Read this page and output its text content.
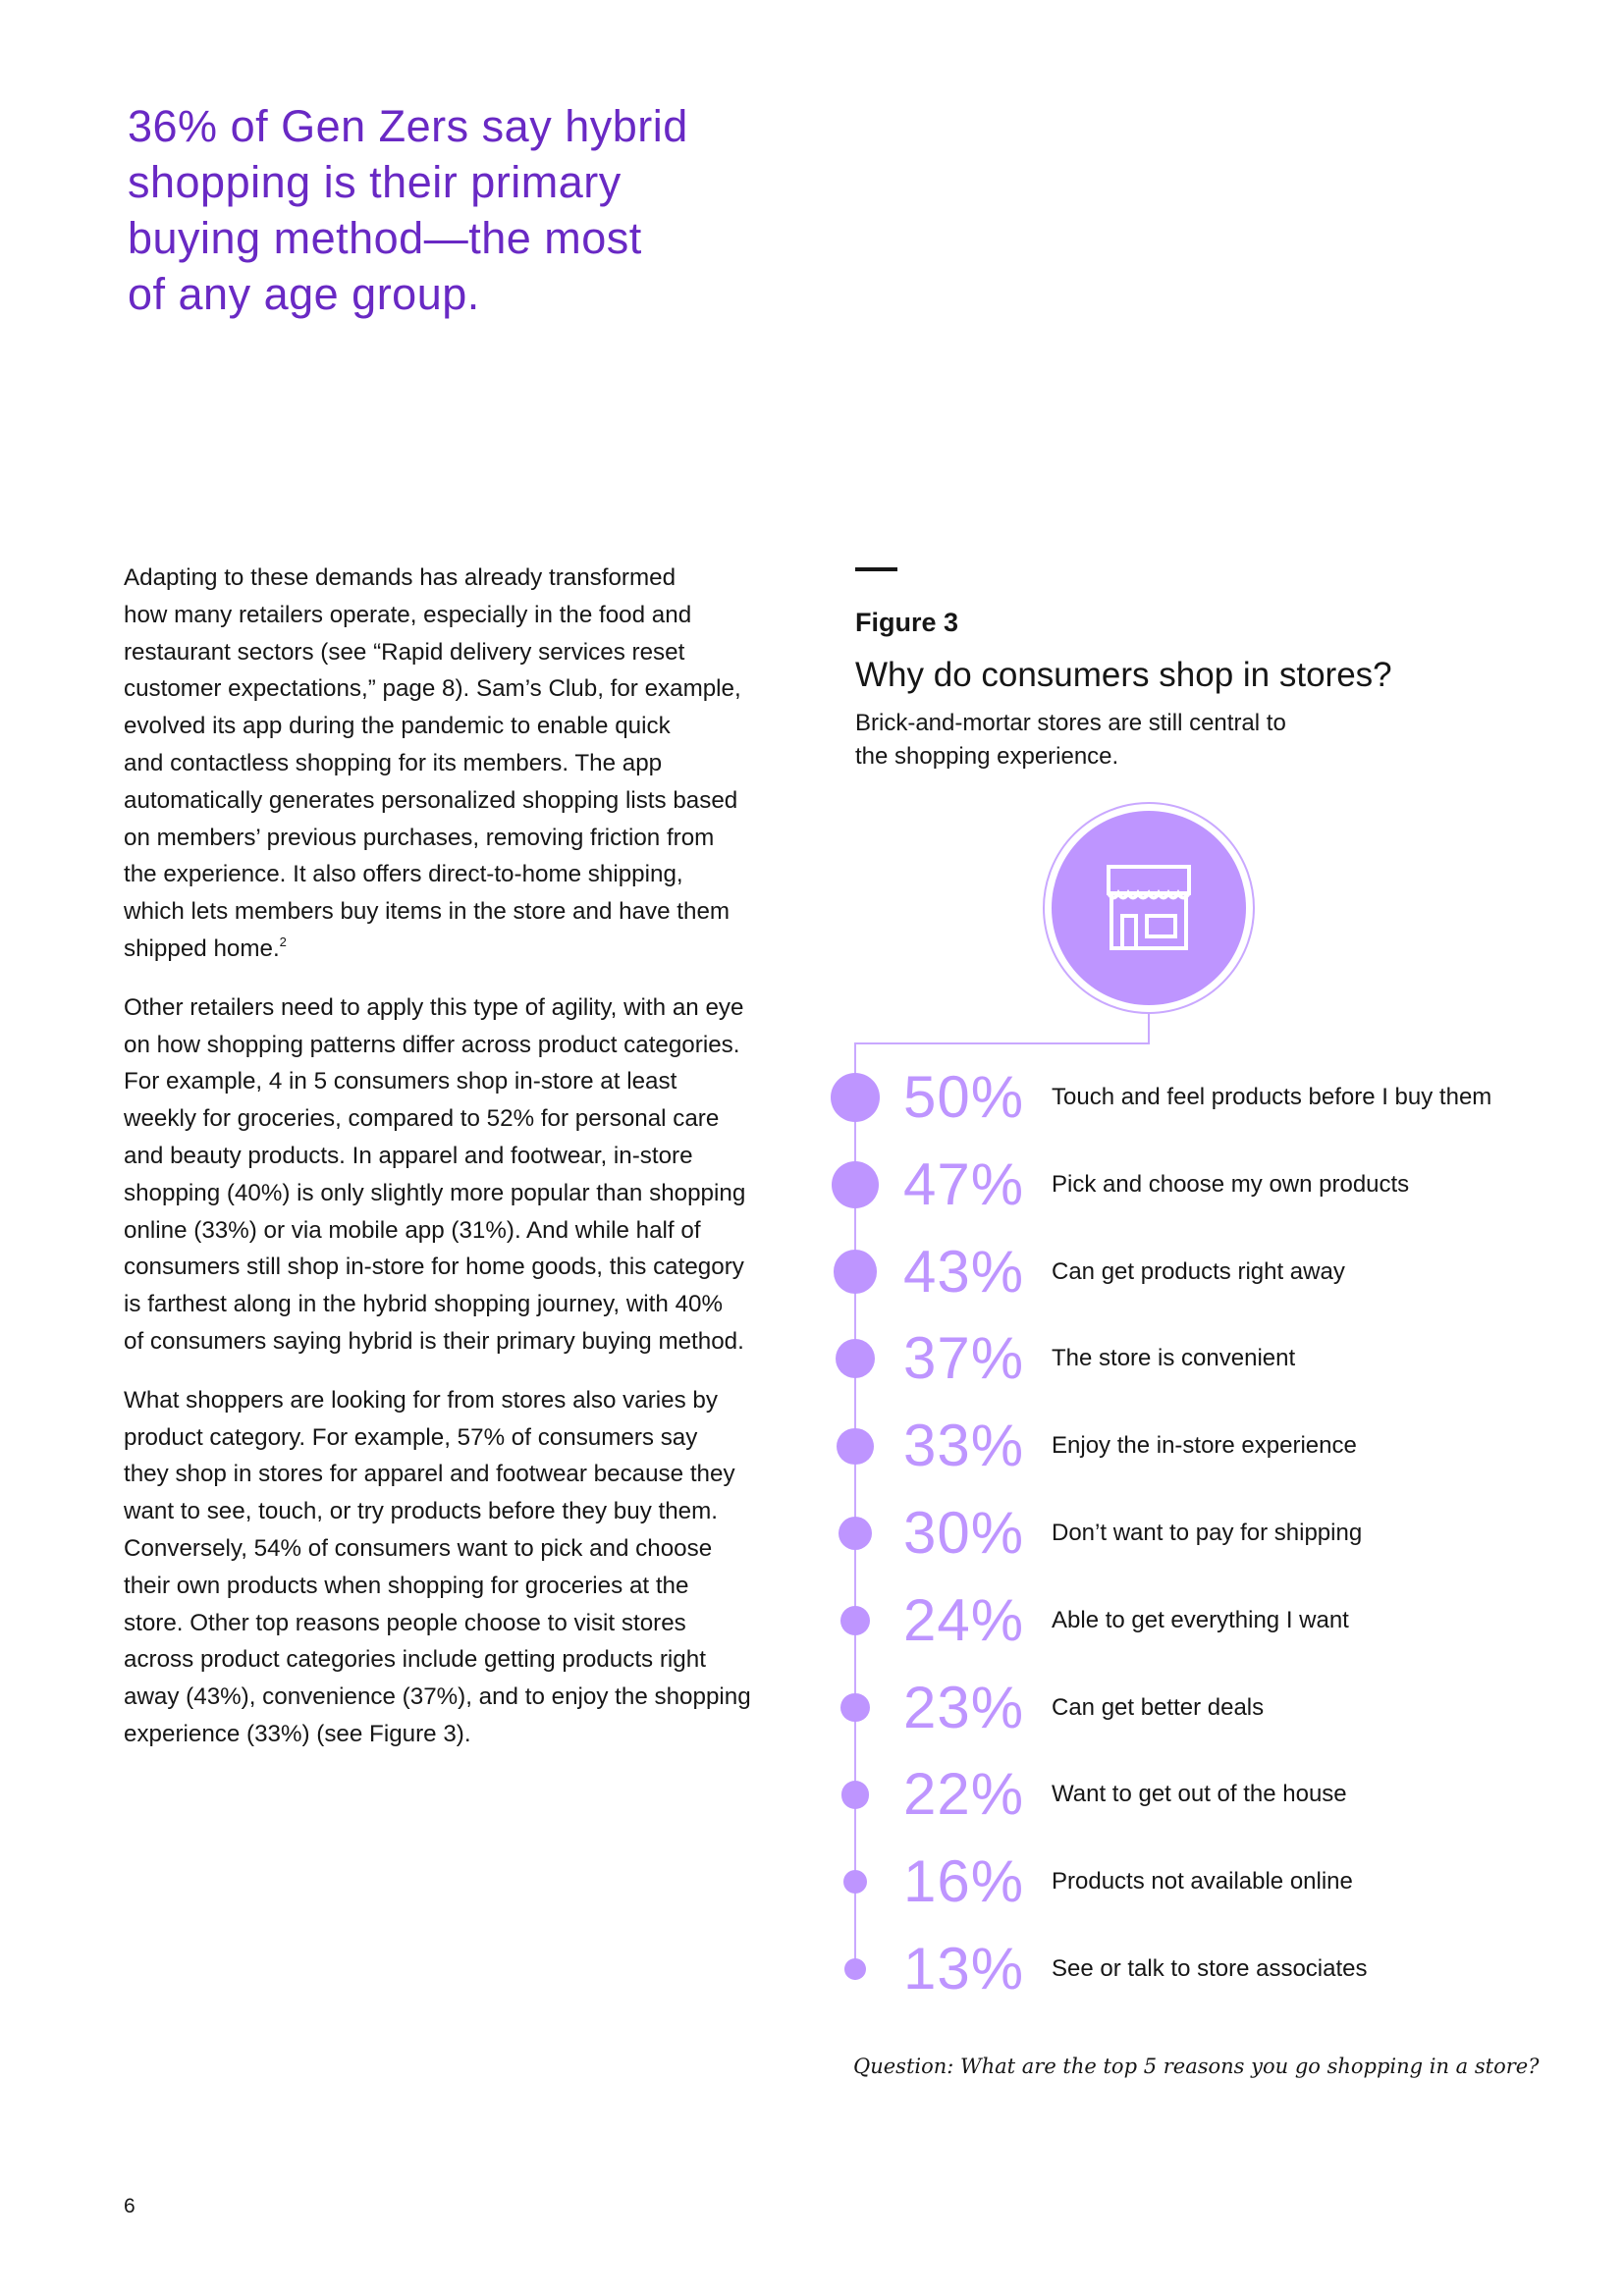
36% of Gen Zers say hybrid
shopping is their primary
buying method—the most
of any age group.

Adapting to these demands has already transformed
how many retailers operate, especially in the food and
restaurant sectors (see “Rapid delivery services reset
customer expectations,” page 8). Sam’s Club, for example,
evolved its app during the pandemic to enable quick
and contactless shopping for its members. The app
automatically generates personalized shopping lists based
on members’ previous purchases, removing friction from
the experience. It also offers direct-to-home shipping,
which lets members buy items in the store and have them
shipped home.$^2$

Other retailers need to apply this type of agility, with an eye
on how shopping patterns differ across product categories.
For example, 4 in 5 consumers shop in-store at least
weekly for groceries, compared to 52% for personal care
and beauty products. In apparel and footwear, in-store
shopping (40%) is only slightly more popular than shopping
online (33%) or via mobile app (31%). And while half of
consumers still shop in-store for home goods, this category
is farthest along in the hybrid shopping journey, with 40%
of consumers saying hybrid is their primary buying method.

What shoppers are looking for from stores also varies by
product category. For example, 57% of consumers say
they shop in stores for apparel and footwear because they
want to see, touch, or try products before they buy them.
Conversely, 54% of consumers want to pick and choose
their own products when shopping for groceries at the
store. Other top reasons people choose to visit stores
across product categories include getting products right
away (43%), convenience (37%), and to enjoy the shopping
experience (33%) (see Figure 3).

Figure 3
Why do consumers shop in stores?

Brick-and-mortar stores are still central to
the shopping experience.

50% Touch and feel products before I buy them
47% Pick and choose my own products
43% Can get products right away
37% The store is convenient
33% Enjoy the in-store experience
30% Don’t want to pay for shipping
24% Able to get everything I want
23% Can get better deals
22% Want to get out of the house
16% Products not available online
13% See or talk to store associates

Question: What are the top 5 reasons you go shopping in a store?

6
